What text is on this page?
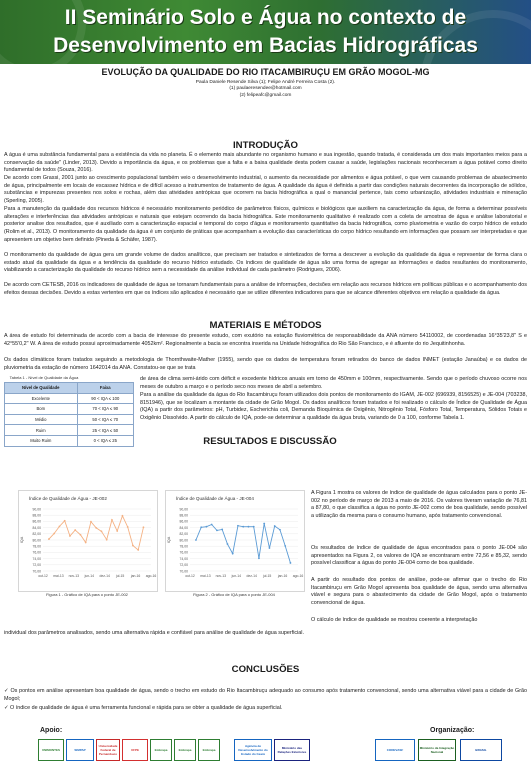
II Seminário Solo e Água no contexto de
Desenvolvimento em Bacias Hidrográficas
EVOLUÇÃO DA QUALIDADE DO RIO ITACAMBIRUÇU EM GRÃO MOGOL-MG
Paula Daniele Resende Silva (1); Felipe André Ferreira Costa (2).
(1) paulaeresendee@hotmail.com
(2) felipeafc@gmail.com
INTRODUÇÃO
A água é uma substância fundamental para a existência da vida no planeta. É o elemento mais abundante no organismo humano e sua ingestão, quando tratada, é considerada um dos mais importantes meios para a conservação da saúde" (Linder, 2013). Devido a importância da água, e os problemas que a falta e a baixa qualidade desta podem causar a saúde, legislações nacionais reconheceram a água potável como direito fundamental de todos (Souza, 2016).
De acordo com Grassi, 2001 junto ao crescimento populacional também veio o desenvolvimento industrial, o aumento da necessidade por alimentos e água potável, o que vem causando problemas de abastecimento de água, principalmente em locais de escassez hídrica e de difícil acesso a instrumentos de tratamento de água. A qualidade da água é definida a partir das condições naturais decorrentes da incorporação de sólidos, substâncias e impurezas presentes nos solos e rochas, além das atividades antrópicas que ocorrem na bacia hidrográfica a qual o manancial pertence, tais como urbanização, atividades industriais e mineração (Sperling, 2005).
Para a manutenção da qualidade dos recursos hídricos é necessário monitoramento periódico de parâmetros físicos, químicos e biológicos que auxiliem na caracterização da água, de forma a determinar possíveis alterações e interferências das atividades antrópicas e naturais que estejam ocorrendo da bacia hidrográfica. Este monitoramento qualitativo é realizado com a coleta de amostras de água e análise laboratorial e posterior analise dos resultados, que é auxiliado com a caracterização espacial e temporal do corpo d'água e monitoramento quantitativo da bacia hidrográfica, como pluviometria e vazão do corpo hídrico de estudo (Rolim et al., 2013). O monitoramento da qualidade da água é um conjunto de práticas que acompanham a evolução das características do corpo hídrico resultando em informações que possam ser interpretadas e que apresentem um objetivo bem definido (Pineda & Schäfer, 1987).
O monitoramento da qualidade de água gera um grande volume de dados analíticos, que precisam ser tratados e sintetizados de forma a descrever a evolução da qualidade da água e representar de forma clara o estado atual da qualidade da água e a tendência da qualidade do recurso hídrico estudado. Os índices de qualidade de água são uma forma de agregar as informações e dados resultantes do monitoramento, viabilizando a caracterização da qualidade do recurso hídrico sem a necessidade da análise individual de cada parâmetro (Rodrigues, 2006).
De acordo com CETESB, 2016 os indicadores de qualidade de água se tornaram fundamentais para a análise de informações, decisões em relação aos recursos hídricos em políticas públicas e o acompanhamento dos efeitos dessas decisões. Devido a estas vertentes em que os índices são aplicados é necessário que se utilize diferentes indicadores para que se alcance diferentes objetivos em relação a qualidade da água.
MATERIAIS E MÉTODOS
A área de estudo foi determinada de acordo com a bacia de interesse do presente estudo, com exutório na estação fluviométrica de responsabilidade da ANA número 54110002, de coordenadas 16°35'23,8" S e 42°55'0,2" W. A área de estudo possui aproximadamente 4052km². Regionalmente a bacia se encontra inserida na Unidade hidrográfica do Rio São Francisco, e é afluente do rio Jequitinhonha.
Os dados climáticos foram tratados seguindo a metodologia de Thornthwaite-Mather (1955), sendo que os dados de temperatura foram retirados do banco de dados INMET (estação Janaúba) e os dados de pluviometria da estação de número 1642014 da ANA. Constatou-se que se trata
Tabela 1 - Nível de Qualidade da Água
Nível de Qualidade	Faixa
Excelente	90 < IQA ≤ 100
Bom	70 < IQA ≤ 90
Médio	50 < IQA ≤ 70
Ruim	25 < IQA ≤ 50
Muito Ruim	0 < IQA ≤ 25
de área de clima semi-árido com déficit e excedente hídricos anuais em torno de 450mm e 100mm, respectivamente. Sendo que o período chuvoso ocorre nos meses de outubro a março e o período seco nos meses de abril a setembro.
Para a análise da qualidade da água do Rio Itacambiruçu foram utilizados dois pontos de monitoramento do IGAM, JE-002 (696939, 8156525) e JE-004 (703238, 8151946), que se localizam a montante da cidade de Grão Mogol. Os dados analíticos foram tratados e foi realizado o cálculo de Índice de Qualidade de Água (IQA) a partir dos parâmetros: pH, Turbidez, Escherichia coli, Demanda Bioquímica de Oxigênio, Nitrogênio Total, Fósforo Total, Temperatura, Sólidos Totais e Oxigênio Dissolvido. A partir do cálculo de IQA, pode-se determinar a qualidade da água bruta, variando de 0 a 100, conforme Tabela 1.
RESULTADOS E DISCUSSÃO
Índice de Qualidade de Água - JE-002
70,00
72,00
74,00
76,00
78,00
80,00
82,00
84,00
86,00
88,00
90,00
IQA
out-12 mai-13 nov-13 jun-14 dez-14 jul-15 jan-16 ago-16
Figura 1 - Gráfico de IQA para o ponto JE-002
Índice de Qualidade de Água - JE-004
70,00
72,00
74,00
76,00
78,00
80,00
82,00
84,00
86,00
88,00
90,00
IQA
out-12 mai-13 nov-13 jun-14 dez-14 jul-15 jan-16 ago-16
Figura 2 - Gráfico de IQA para o ponto JE-004
A Figura 1 mostra os valores de índice de qualidade de água calculados para o ponto JE-002 no período de março de 2013 a maio de 2016. Os valores tiveram variação de 76,81 a 87,80, o que classifica a água no ponto JE-002 como de boa qualidade, sendo possível a utilização da mesma para o consumo humano, após tratamento convencional.
Os resultados de índice de qualidade de água encontrados para o ponto JE-004 são apresentados na Figura 2, os valores de IQA se encontraram entre 72,56 e 85,32, sendo possível classificar a água do ponto JE-004 como de boa qualidade.
A partir do resultado dos pontos de análise, pode-se afirmar que o trecho do Rio Itacambiruçu em Grão Mogol apresenta boa qualidade de água, sendo uma alternativa viável e segura para o abastecimento da cidade de Grão Mogol, após o tratamento convencional de água.
O cálculo de índice de qualidade se mostrou coerente a interpretação
individual dos parâmetros analisados, sendo uma alternativa rápida e confiável para análise de qualidade de água superficial.
CONCLUSÕES
✓ Os pontos em análise apresentam boa qualidade de água, sendo o trecho em estudo do Rio Itacambiruçu adequado ao consumo após tratamento convencional, sendo uma alternativa viável para a cidade de Grão Mogol;
✓ O índice de qualidade de água é uma ferramenta funcional e rápida para se obter a qualidade de água superficial.
Apoio:	Organização:
UNIMONTES	SIMPAP
Universidade Federal de Pernambuco
UFPE	Embrapa	Embrapa	Embrapa
Agência de Desenvolvimento do Estado do Ceará
Ministério das Relações Exteriores	CODEVASF	Ministério da Integração Nacional	BRASIL
